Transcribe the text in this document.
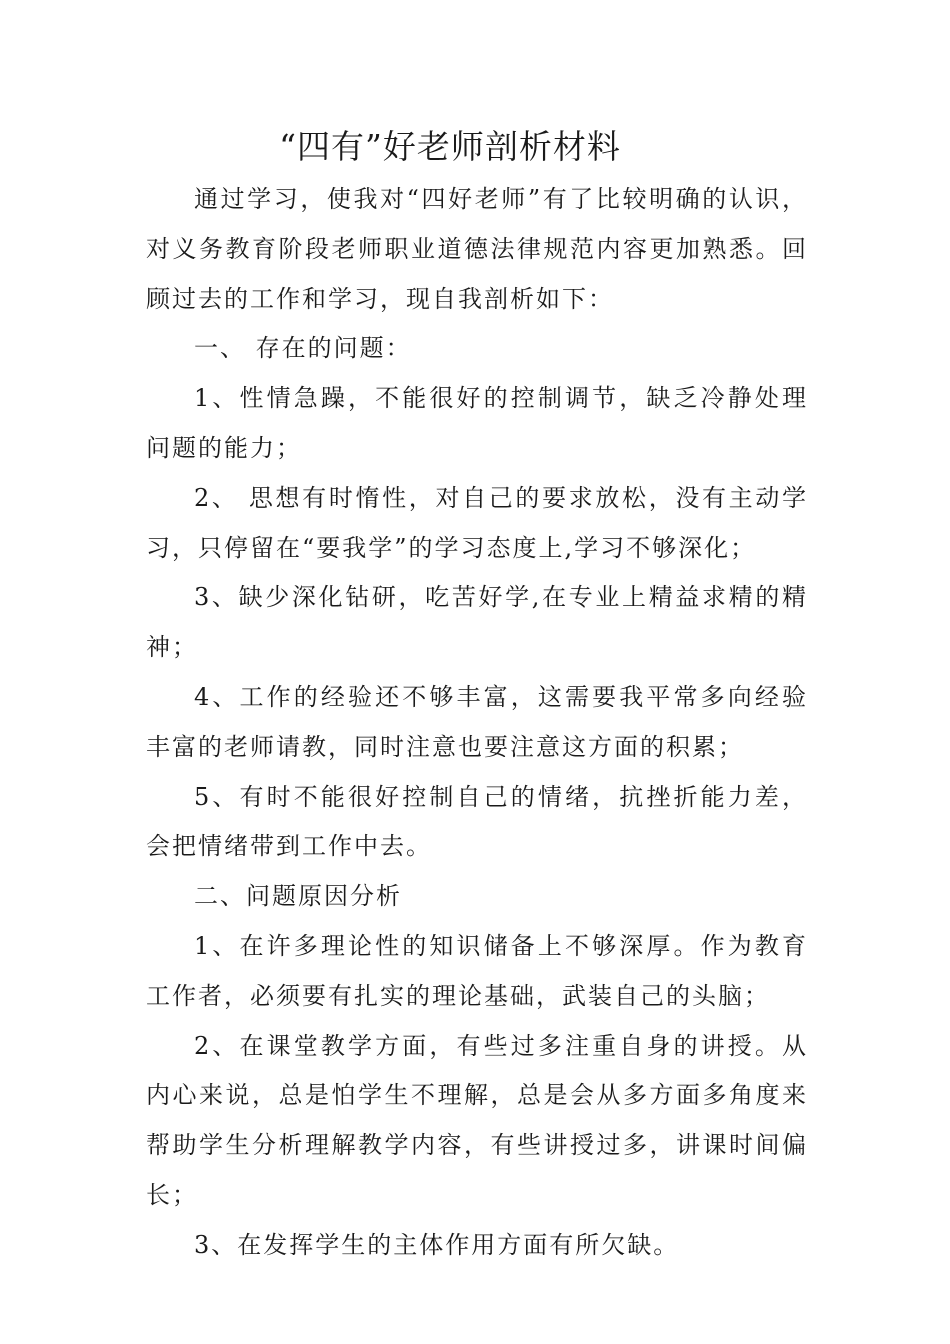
“四有”好老师剖析材料

通过学习，使我对“四好老师”有了比较明确的认识，对义务教育阶段老师职业道德法律规范内容更加熟悉。回顾过去的工作和学习，现自我剖析如下：

一、 存在的问题：

1、性情急躁，不能很好的控制调节，缺乏冷静处理问题的能力；

2、 思想有时惰性，对自己的要求放松，没有主动学习，只停留在“要我学”的学习态度上,学习不够深化；

3、缺少深化钻研，吃苦好学,在专业上精益求精的精神；

4、工作的经验还不够丰富，这需要我平常多向经验丰富的老师请教，同时注意也要注意这方面的积累；

5、有时不能很好控制自己的情绪，抗挫折能力差，会把情绪带到工作中去。

二、问题原因分析

1、在许多理论性的知识储备上不够深厚。作为教育工作者，必须要有扎实的理论基础，武装自己的头脑；

2、在课堂教学方面，有些过多注重自身的讲授。从内心来说，总是怕学生不理解，总是会从多方面多角度来帮助学生分析理解教学内容，有些讲授过多，讲课时间偏长；

3、在发挥学生的主体作用方面有所欠缺。
